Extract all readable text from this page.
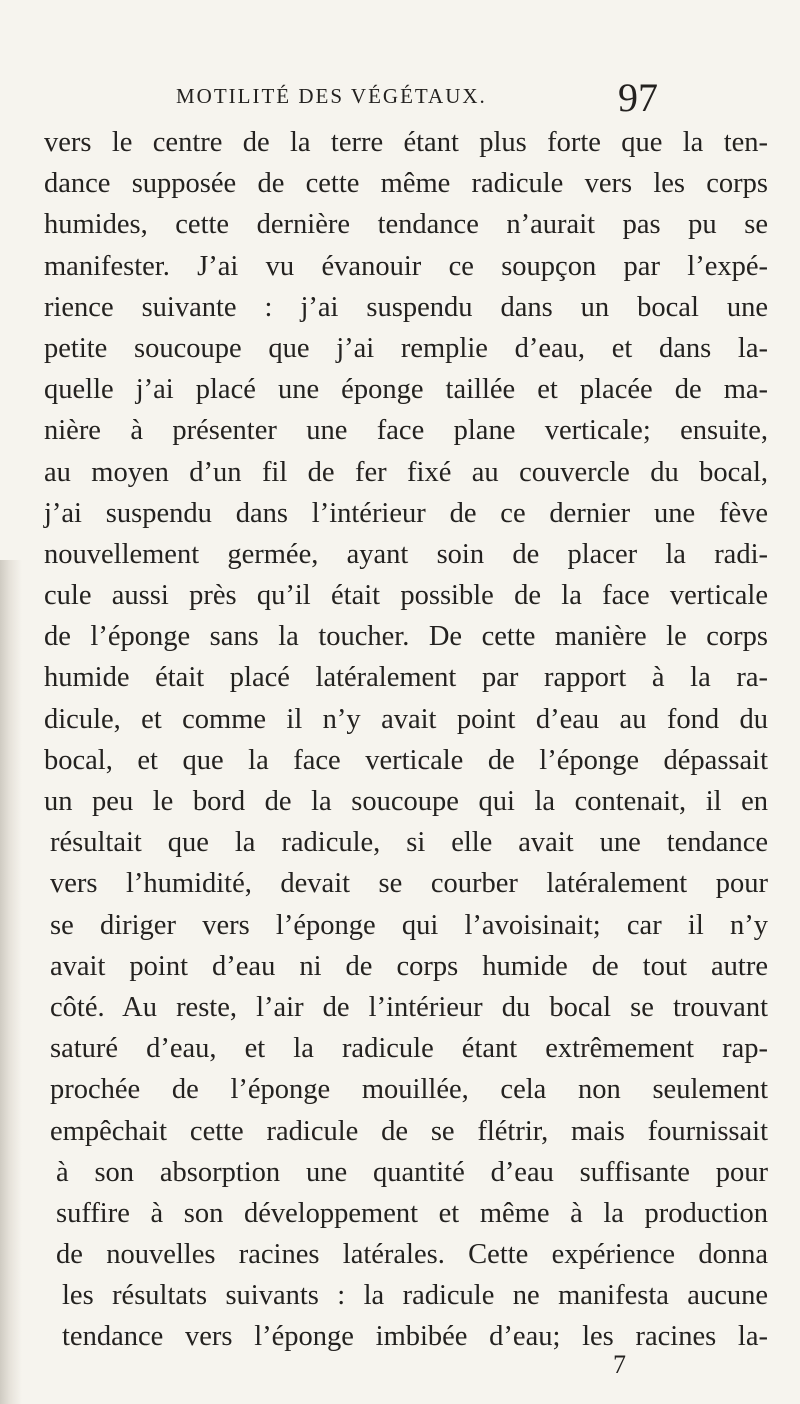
MOTILITÉ DES VÉGÉTAUX.	97
vers le centre de la terre étant plus forte que la ten-
dance supposée de cette même radicule vers les corps
humides, cette dernière tendance n’aurait pas pu se
manifester. J’ai vu évanouir ce soupçon par l’expé-
rience suivante : j’ai suspendu dans un bocal une
petite soucoupe que j’ai remplie d’eau, et dans la-
quelle j’ai placé une éponge taillée et placée de ma-
nière à présenter une face plane verticale; ensuite,
au moyen d’un fil de fer fixé au couvercle du bocal,
j’ai suspendu dans l’intérieur de ce dernier une fève
nouvellement germée, ayant soin de placer la radi-
cule aussi près qu’il était possible de la face verticale
de l’éponge sans la toucher. De cette manière le corps
humide était placé latéralement par rapport à la ra-
dicule, et comme il n’y avait point d’eau au fond du
bocal, et que la face verticale de l’éponge dépassait
un peu le bord de la soucoupe qui la contenait, il en
résultait que la radicule, si elle avait une tendance
vers l’humidité, devait se courber latéralement pour
se diriger vers l’éponge qui l’avoisinait; car il n’y
avait point d’eau ni de corps humide de tout autre
côté. Au reste, l’air de l’intérieur du bocal se trouvant
saturé d’eau, et la radicule étant extrêmement rap-
prochée de l’éponge mouillée, cela non seulement
empêchait cette radicule de se flétrir, mais fournissait
à son absorption une quantité d’eau suffisante pour
suffire à son développement et même à la production
de nouvelles racines latérales. Cette expérience donna
les résultats suivants : la radicule ne manifesta aucune
tendance vers l’éponge imbibée d’eau; les racines la-
7
